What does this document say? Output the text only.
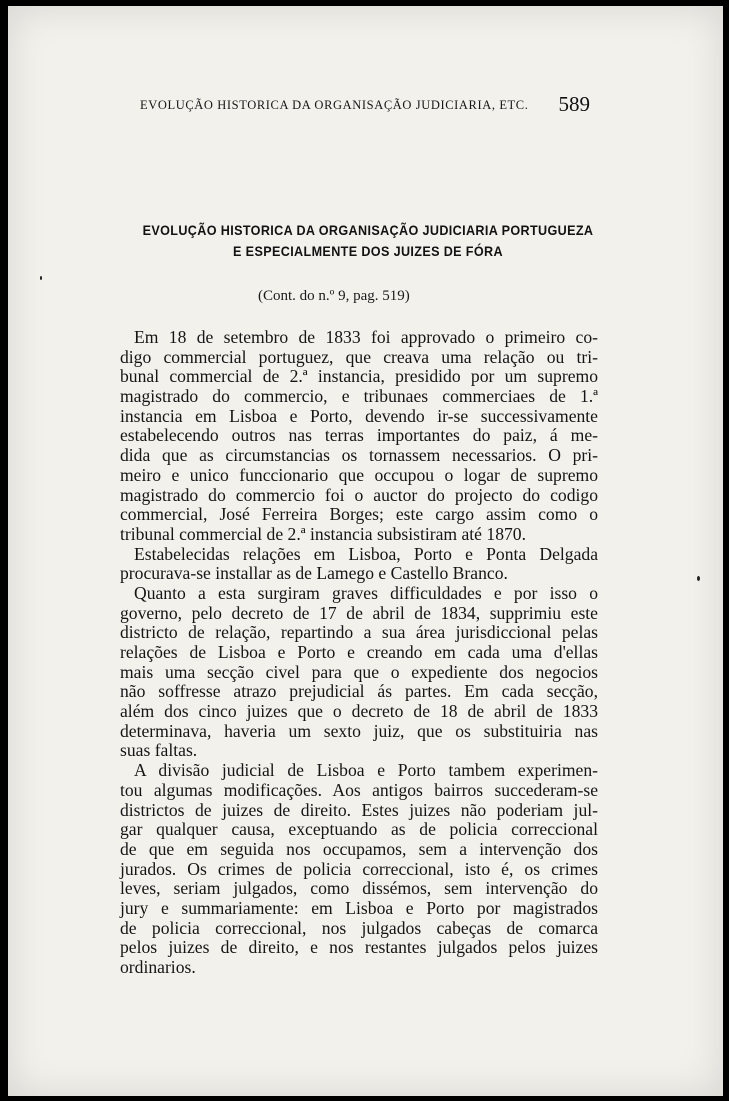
EVOLUÇÃO HISTORICA DA ORGANISAÇÃO JUDICIARIA, ETC. 589
EVOLUÇÃO HISTORICA DA ORGANISAÇÃO JUDICIARIA PORTUGUEZA
E ESPECIALMENTE DOS JUIZES DE FÓRA
(Cont. do n.º 9, pag. 519)
Em 18 de setembro de 1833 foi approvado o primeiro co-
digo commercial portuguez, que creava uma relação ou tri-
bunal commercial de 2.ª instancia, presidido por um supremo
magistrado do commercio, e tribunaes commerciaes de 1.ª
instancia em Lisboa e Porto, devendo ir-se successivamente
estabelecendo outros nas terras importantes do paiz, á me-
dida que as circumstancias os tornassem necessarios. O pri-
meiro e unico funccionario que occupou o logar de supremo
magistrado do commercio foi o auctor do projecto do codigo
commercial, José Ferreira Borges; este cargo assim como o
tribunal commercial de 2.ª instancia subsistiram até 1870.
Estabelecidas relações em Lisboa, Porto e Ponta Delgada
procurava-se installar as de Lamego e Castello Branco.
Quanto a esta surgiram graves difficuldades e por isso o
governo, pelo decreto de 17 de abril de 1834, supprimiu este
districto de relação, repartindo a sua área jurisdiccional pelas
relações de Lisboa e Porto e creando em cada uma d'ellas
mais uma secção civel para que o expediente dos negocios
não soffresse atrazo prejudicial ás partes. Em cada secção,
além dos cinco juizes que o decreto de 18 de abril de 1833
determinava, haveria um sexto juiz, que os substituiria nas
suas faltas.
A divisão judicial de Lisboa e Porto tambem experimen-
tou algumas modificações. Aos antigos bairros succederam-se
districtos de juizes de direito. Estes juizes não poderiam jul-
gar qualquer causa, exceptuando as de policia correccional
de que em seguida nos occupamos, sem a intervenção dos
jurados. Os crimes de policia correccional, isto é, os crimes
leves, seriam julgados, como dissémos, sem intervenção do
jury e summariamente: em Lisboa e Porto por magistrados
de policia correccional, nos julgados cabeças de comarca
pelos juizes de direito, e nos restantes julgados pelos juizes
ordinarios.
